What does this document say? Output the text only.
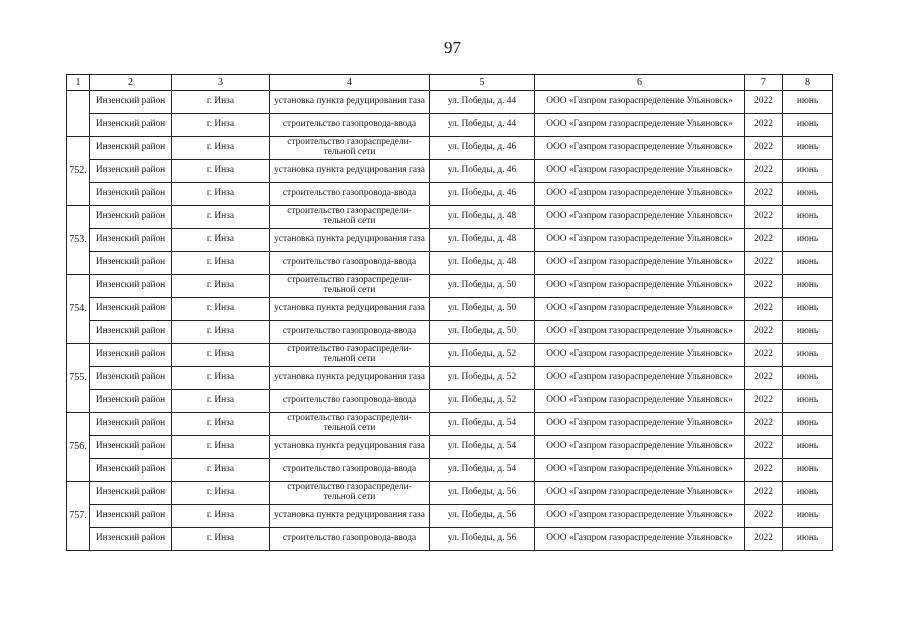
97
1	2	3	4	5	6	7	8
	Инзенский район	г. Инза	установка пункта редуцирования газа	ул. Победы, д. 44	ООО «Газпром газораспределение Ульяновск»	2022	июнь
	Инзенский район	г. Инза	строительство газопровода-ввода	ул. Победы, д. 44	ООО «Газпром газораспределение Ульяновск»	2022	июнь
752.	Инзенский район	г. Инза	строительство газораспредели-тельной сети	ул. Победы, д. 46	ООО «Газпром газораспределение Ульяновск»	2022	июнь
	Инзенский район	г. Инза	установка пункта редуцирования газа	ул. Победы, д. 46	ООО «Газпром газораспределение Ульяновск»	2022	июнь
	Инзенский район	г. Инза	строительство газопровода-ввода	ул. Победы, д. 46	ООО «Газпром газораспределение Ульяновск»	2022	июнь
753.	Инзенский район	г. Инза	строительство газораспредели-тельной сети	ул. Победы, д. 48	ООО «Газпром газораспределение Ульяновск»	2022	июнь
	Инзенский район	г. Инза	установка пункта редуцирования газа	ул. Победы, д. 48	ООО «Газпром газораспределение Ульяновск»	2022	июнь
	Инзенский район	г. Инза	строительство газопровода-ввода	ул. Победы, д. 48	ООО «Газпром газораспределение Ульяновск»	2022	июнь
754.	Инзенский район	г. Инза	строительство газораспредели-тельной сети	ул. Победы, д. 50	ООО «Газпром газораспределение Ульяновск»	2022	июнь
	Инзенский район	г. Инза	установка пункта редуцирования газа	ул. Победы, д. 50	ООО «Газпром газораспределение Ульяновск»	2022	июнь
	Инзенский район	г. Инза	строительство газопровода-ввода	ул. Победы, д. 50	ООО «Газпром газораспределение Ульяновск»	2022	июнь
755.	Инзенский район	г. Инза	строительство газораспредели-тельной сети	ул. Победы, д. 52	ООО «Газпром газораспределение Ульяновск»	2022	июнь
	Инзенский район	г. Инза	установка пункта редуцирования газа	ул. Победы, д. 52	ООО «Газпром газораспределение Ульяновск»	2022	июнь
	Инзенский район	г. Инза	строительство газопровода-ввода	ул. Победы, д. 52	ООО «Газпром газораспределение Ульяновск»	2022	июнь
756.	Инзенский район	г. Инза	строительство газораспредели-тельной сети	ул. Победы, д. 54	ООО «Газпром газораспределение Ульяновск»	2022	июнь
	Инзенский район	г. Инза	установка пункта редуцирования газа	ул. Победы, д. 54	ООО «Газпром газораспределение Ульяновск»	2022	июнь
	Инзенский район	г. Инза	строительство газопровода-ввода	ул. Победы, д. 54	ООО «Газпром газораспределение Ульяновск»	2022	июнь
757.	Инзенский район	г. Инза	строительство газораспредели-тельной сети	ул. Победы, д. 56	ООО «Газпром газораспределение Ульяновск»	2022	июнь
	Инзенский район	г. Инза	установка пункта редуцирования газа	ул. Победы, д. 56	ООО «Газпром газораспределение Ульяновск»	2022	июнь
	Инзенский район	г. Инза	строительство газопровода-ввода	ул. Победы, д. 56	ООО «Газпром газораспределение Ульяновск»	2022	июнь
